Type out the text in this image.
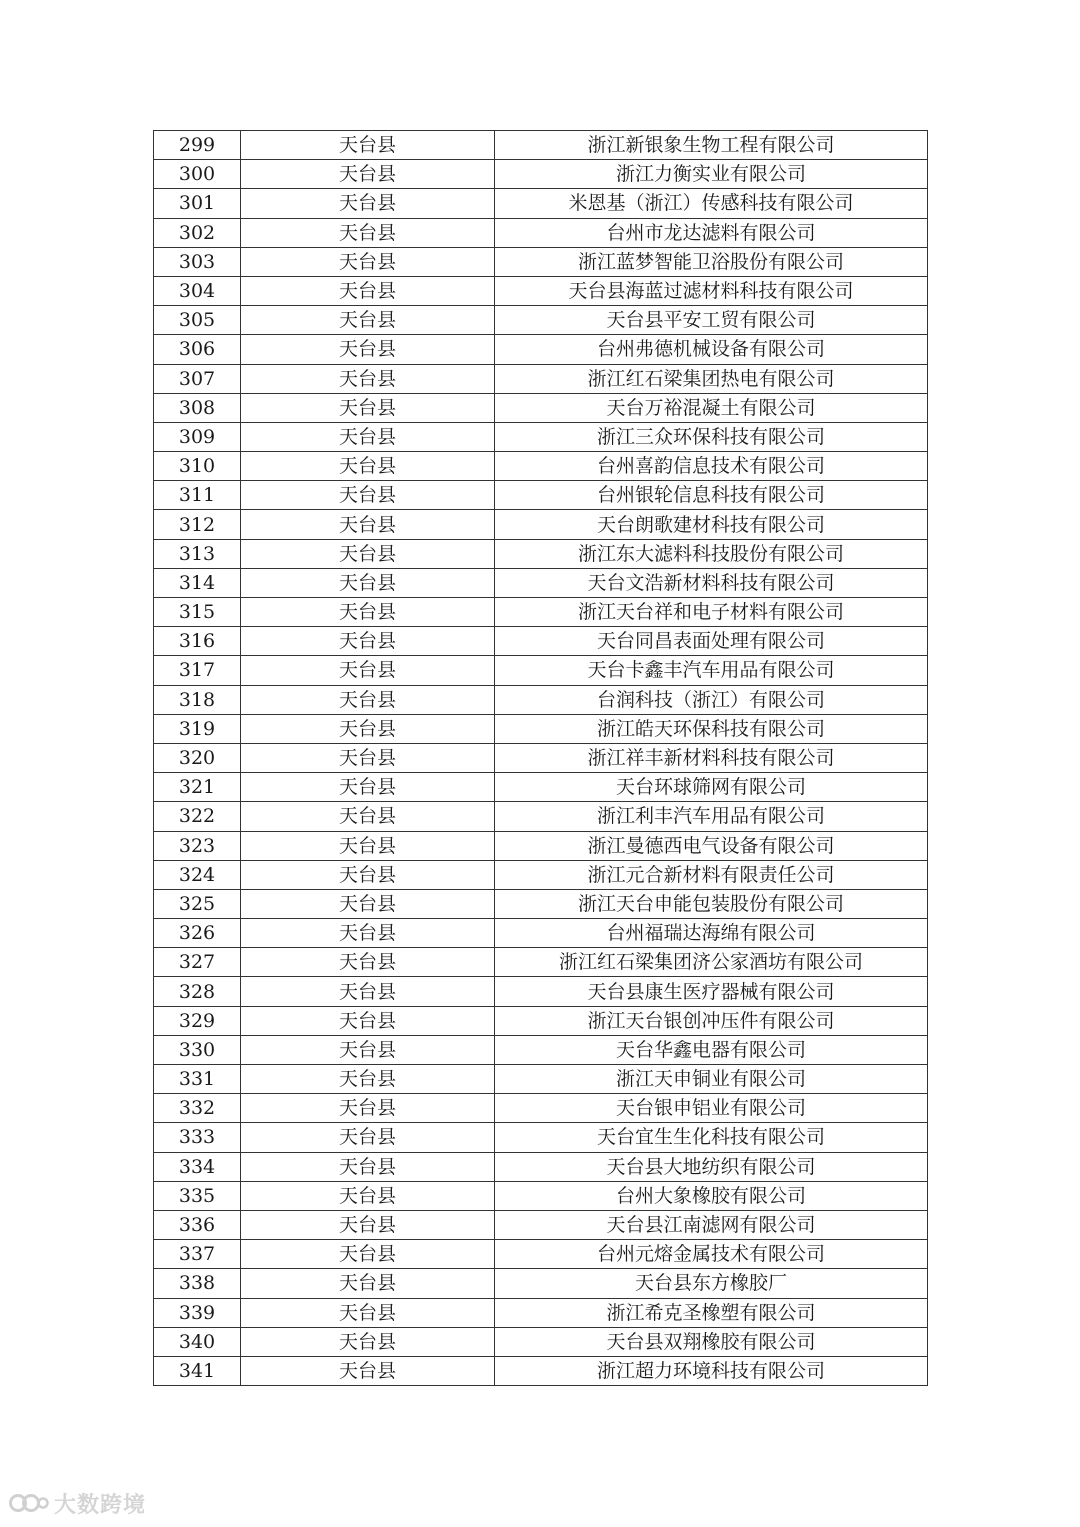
299	天台县	浙江新银象生物工程有限公司
300	天台县	浙江力衡实业有限公司
301	天台县	米恩基（浙江）传感科技有限公司
302	天台县	台州市龙达滤料有限公司
303	天台县	浙江蓝梦智能卫浴股份有限公司
304	天台县	天台县海蓝过滤材料科技有限公司
305	天台县	天台县平安工贸有限公司
306	天台县	台州弗德机械设备有限公司
307	天台县	浙江红石梁集团热电有限公司
308	天台县	天台万裕混凝土有限公司
309	天台县	浙江三众环保科技有限公司
310	天台县	台州喜韵信息技术有限公司
311	天台县	台州银轮信息科技有限公司
312	天台县	天台朗歌建材科技有限公司
313	天台县	浙江东大滤料科技股份有限公司
314	天台县	天台文浩新材料科技有限公司
315	天台县	浙江天台祥和电子材料有限公司
316	天台县	天台同昌表面处理有限公司
317	天台县	天台卡鑫丰汽车用品有限公司
318	天台县	台润科技（浙江）有限公司
319	天台县	浙江皓天环保科技有限公司
320	天台县	浙江祥丰新材料科技有限公司
321	天台县	天台环球筛网有限公司
322	天台县	浙江利丰汽车用品有限公司
323	天台县	浙江曼德西电气设备有限公司
324	天台县	浙江元合新材料有限责任公司
325	天台县	浙江天台申能包装股份有限公司
326	天台县	台州福瑞达海绵有限公司
327	天台县	浙江红石梁集团济公家酒坊有限公司
328	天台县	天台县康生医疗器械有限公司
329	天台县	浙江天台银创冲压件有限公司
330	天台县	天台华鑫电器有限公司
331	天台县	浙江天申铜业有限公司
332	天台县	天台银申铝业有限公司
333	天台县	天台宜生生化科技有限公司
334	天台县	天台县大地纺织有限公司
335	天台县	台州大象橡胶有限公司
336	天台县	天台县江南滤网有限公司
337	天台县	台州元熔金属技术有限公司
338	天台县	天台县东方橡胶厂
339	天台县	浙江希克圣橡塑有限公司
340	天台县	天台县双翔橡胶有限公司
341	天台县	浙江超力环境科技有限公司
大数跨境
